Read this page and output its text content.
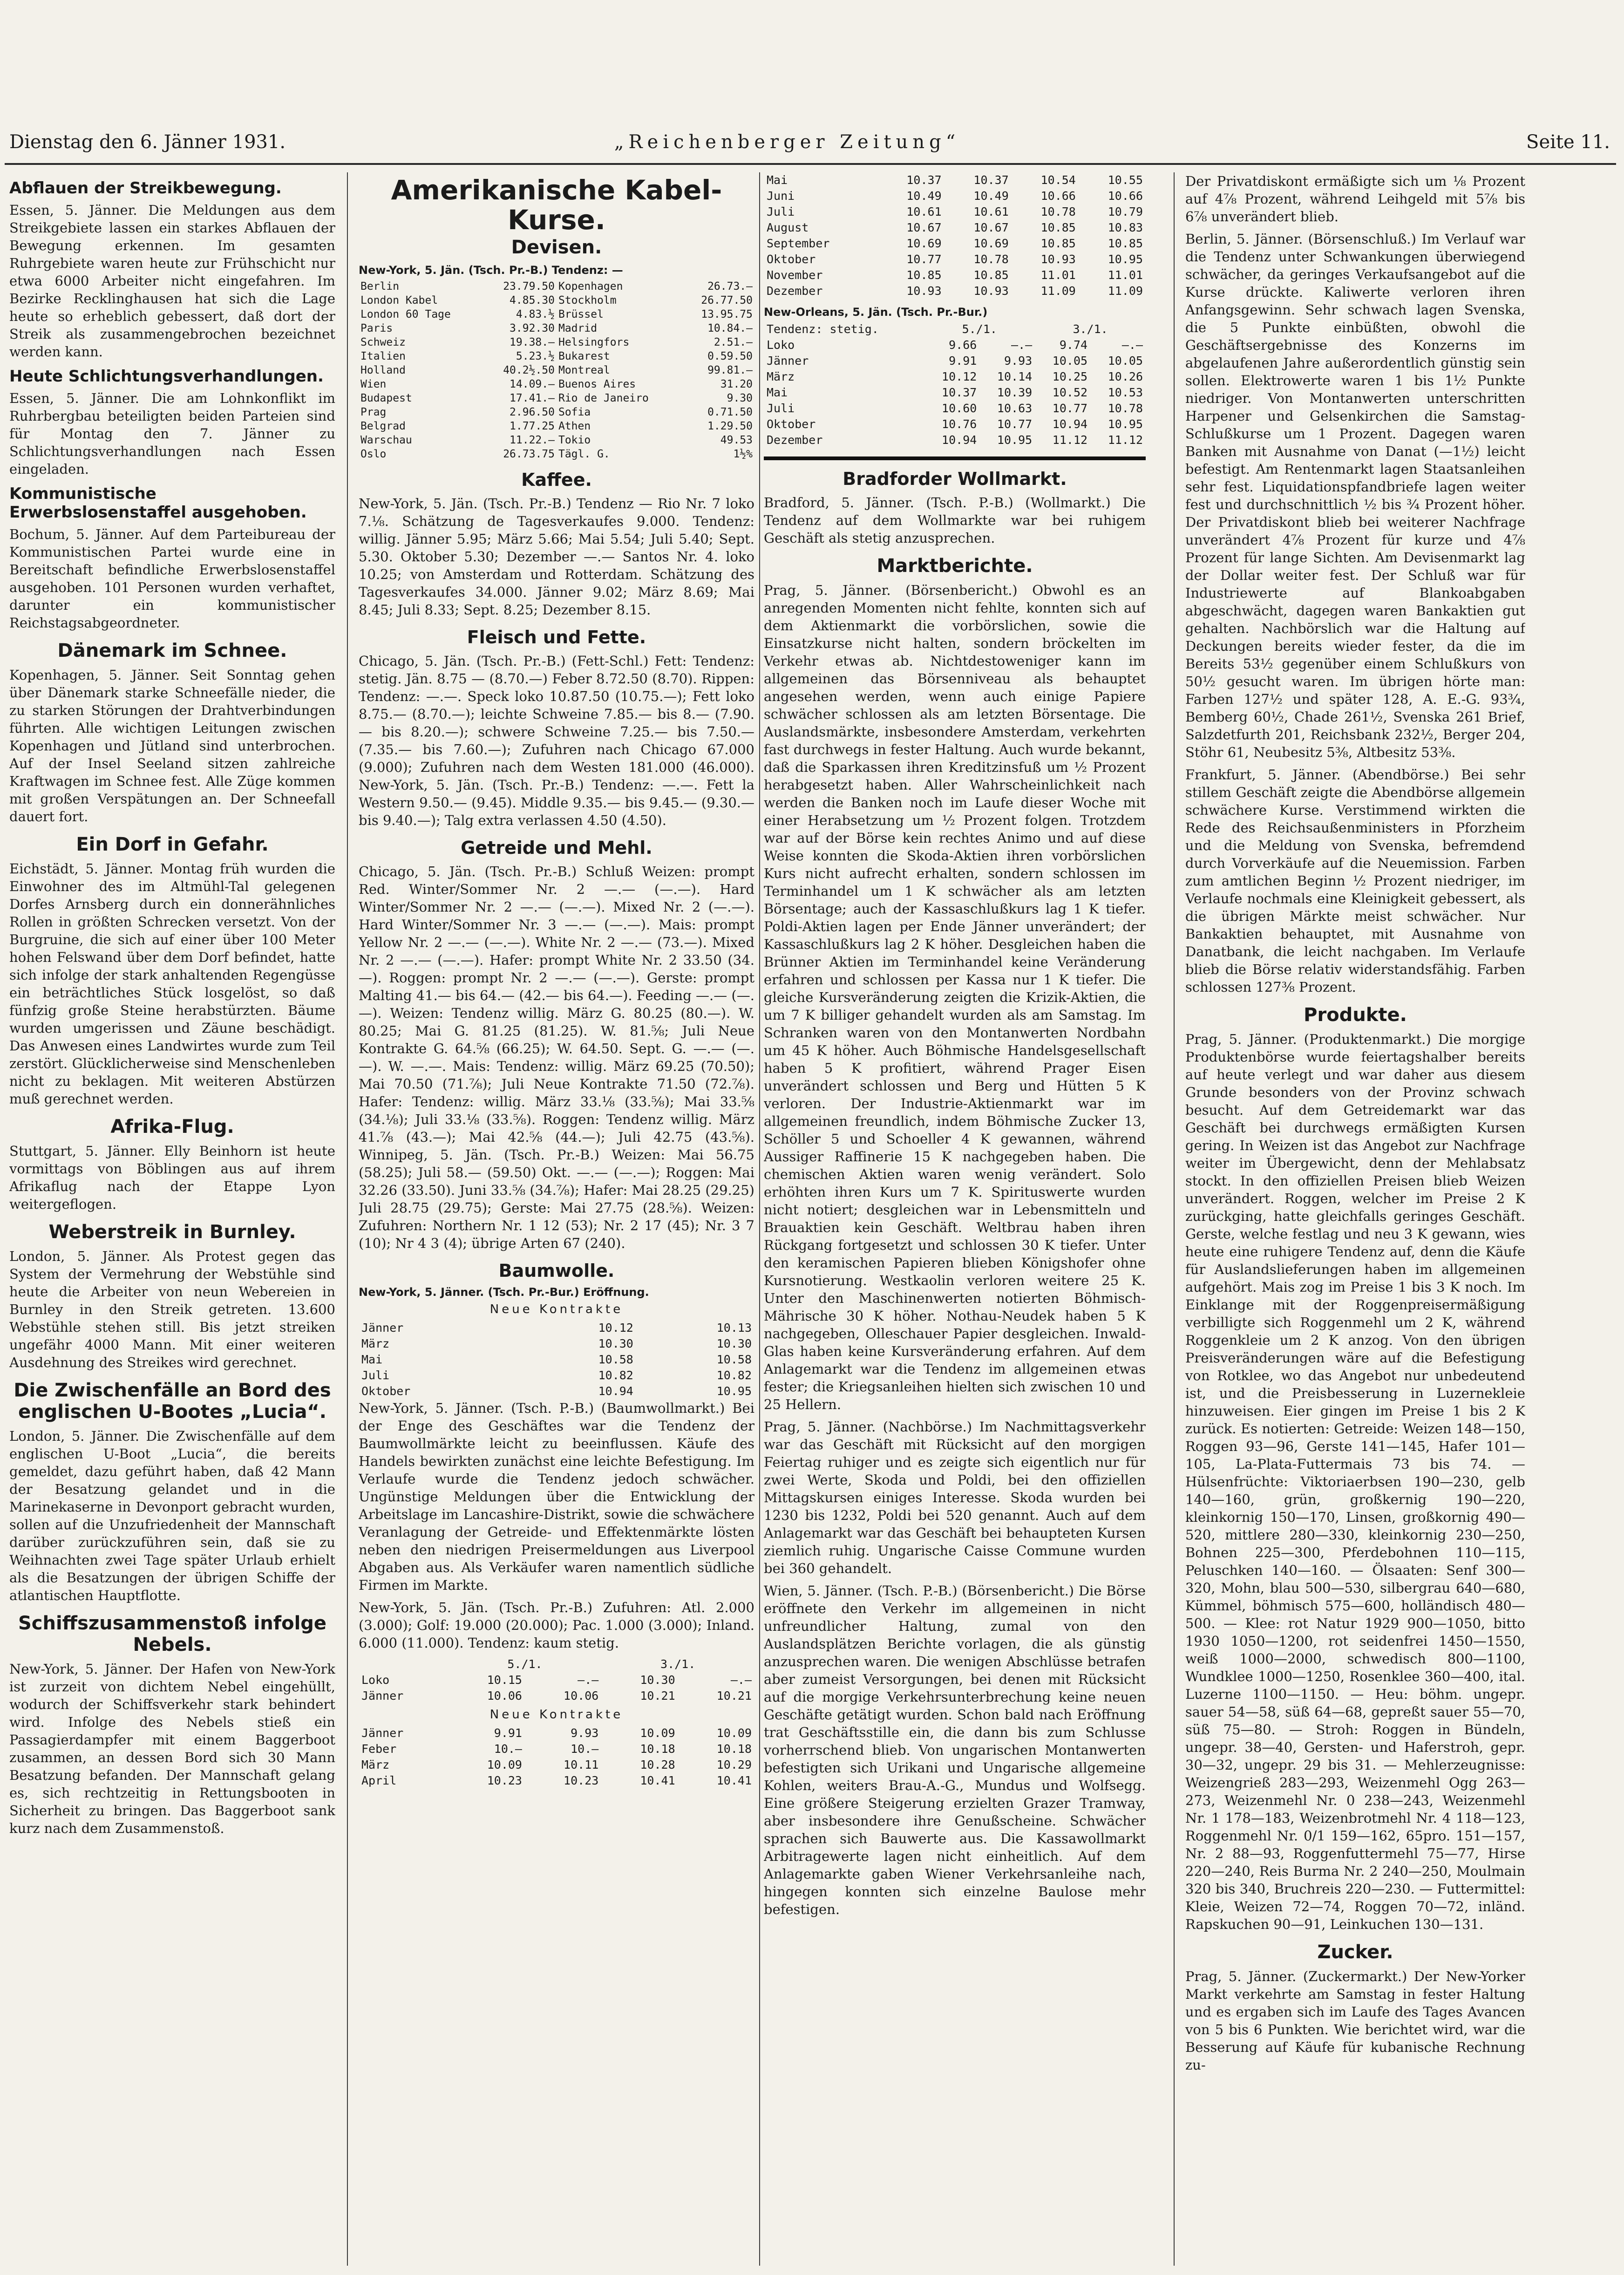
Dienstag den 6. Jänner 1931.	„Reichenberger Zeitung“	Seite 11.
Abflauen der Streikbewegung.

Essen, 5. Jänner. Die Meldungen aus dem Streikgebiete lassen ein starkes Abflauen der Bewegung erkennen. Im gesamten Ruhrgebiete waren heute zur Frühschicht nur etwa 6000 Arbeiter nicht eingefahren. Im Bezirke Recklinghausen hat sich die Lage heute so erheblich gebessert, daß dort der Streik als zusammengebrochen bezeichnet werden kann.

Heute Schlichtungsverhandlungen.

Essen, 5. Jänner. Die am Lohnkonflikt im Ruhrbergbau beteiligten beiden Parteien sind für Montag den 7. Jänner zu Schlichtungsverhandlungen nach Essen eingeladen.

Kommunistische Erwerbslosenstaffel ausgehoben.

Bochum, 5. Jänner. Auf dem Parteibureau der Kommunistischen Partei wurde eine in Bereitschaft befindliche Erwerbslosenstaffel ausgehoben. 101 Personen wurden verhaftet, darunter ein kommunistischer Reichstagsabgeordneter.

Dänemark im Schnee.

Kopenhagen, 5. Jänner. Seit Sonntag gehen über Dänemark starke Schneefälle nieder, die zu starken Störungen der Drahtverbindungen führten. Alle wichtigen Leitungen zwischen Kopenhagen und Jütland sind unterbrochen. Auf der Insel Seeland sitzen zahlreiche Kraftwagen im Schnee fest. Alle Züge kommen mit großen Verspätungen an. Der Schneefall dauert fort.

Ein Dorf in Gefahr.

Eichstädt, 5. Jänner. Montag früh wurden die Einwohner des im Altmühl-Tal gelegenen Dorfes Arnsberg durch ein donnerähnliches Rollen in größten Schrecken versetzt. Von der Burgruine, die sich auf einer über 100 Meter hohen Felswand über dem Dorf befindet, hatte sich infolge der stark anhaltenden Regengüsse ein beträchtliches Stück losgelöst, so daß fünfzig große Steine herabstürzten. Bäume wurden umgerissen und Zäune beschädigt. Das Anwesen eines Landwirtes wurde zum Teil zerstört. Glücklicherweise sind Menschenleben nicht zu beklagen. Mit weiteren Abstürzen muß gerechnet werden.

Afrika-Flug.

Stuttgart, 5. Jänner. Elly Beinhorn ist heute vormittags von Böblingen aus auf ihrem Afrikaflug nach der Etappe Lyon weitergeflogen.

Weberstreik in Burnley.

London, 5. Jänner. Als Protest gegen das System der Vermehrung der Webstühle sind heute die Arbeiter von neun Webereien in Burnley in den Streik getreten. 13.600 Webstühle stehen still. Bis jetzt streiken ungefähr 4000 Mann. Mit einer weiteren Ausdehnung des Streikes wird gerechnet.

Die Zwischenfälle an Bord des englischen U-Bootes „Lucia“.

London, 5. Jänner. Die Zwischenfälle auf dem englischen U-Boot „Lucia“, die bereits gemeldet, dazu geführt haben, daß 42 Mann der Besatzung gelandet und in die Marinekaserne in Devonport gebracht wurden, sollen auf die Unzufriedenheit der Mannschaft darüber zurückzuführen sein, daß sie zu Weihnachten zwei Tage später Urlaub erhielt als die Besatzungen der übrigen Schiffe der atlantischen Hauptflotte.

Schiffszusammenstoß infolge Nebels.

New-York, 5. Jänner. Der Hafen von New-York ist zurzeit von dichtem Nebel eingehüllt, wodurch der Schiffsverkehr stark behindert wird. Infolge des Nebels stieß ein Passagierdampfer mit einem Baggerboot zusammen, an dessen Bord sich 30 Mann Besatzung befanden. Der Mannschaft gelang es, sich rechtzeitig in Rettungsbooten in Sicherheit zu bringen. Das Baggerboot sank kurz nach dem Zusammenstoß.

Amerikanische Kabel-Kurse.
Devisen.
New-York, 5. Jän. (Tsch. Pr.-B.) Tendenz: —
Berlin	23.79.50	Kopenhagen	26.73.—
London Kabel	4.85.30	Stockholm	26.77.50
London 60 Tage	4.83.½	Brüssel	13.95.75
Paris	3.92.30	Madrid	10.84.—
Schweiz	19.38.—	Helsingfors	2.51.—
Italien	5.23.½	Bukarest	0.59.50
Holland	40.2½.50	Montreal	99.81.—
Wien	14.09.—	Buenos Aires	31.20
Budapest	17.41.—	Rio de Janeiro	9.30
Prag	2.96.50	Sofia	0.71.50
Belgrad	1.77.25	Athen	1.29.50
Warschau	11.22.—	Tokio	49.53
Oslo	26.73.75	Tägl. G.	1½%
Kaffee.

New-York, 5. Jän. (Tsch. Pr.-B.) Tendenz — Rio Nr. 7 loko 7.⅛. Schätzung de Tagesverkaufes 9.000. Tendenz: willig. Jänner 5.95; März 5.66; Mai 5.54; Juli 5.40; Sept. 5.30. Oktober 5.30; Dezember —.— Santos Nr. 4. loko 10.25; von Amsterdam und Rotterdam. Schätzung des Tagesverkaufes 34.000. Jänner 9.02; März 8.69; Mai 8.45; Juli 8.33; Sept. 8.25; Dezember 8.15.

Fleisch und Fette.

Chicago, 5. Jän. (Tsch. Pr.-B.) (Fett-Schl.) Fett: Tendenz: stetig. Jän. 8.75 — (8.70.—) Feber 8.72.50 (8.70). Rippen: Tendenz: —.—. Speck loko 10.87.50 (10.75.—); Fett loko 8.75.— (8.70.—); leichte Schweine 7.85.— bis 8.— (7.90.— bis 8.20.—); schwere Schweine 7.25.— bis 7.50.— (7.35.— bis 7.60.—); Zufuhren nach Chicago 67.000 (9.000); Zufuhren nach dem Westen 181.000 (46.000). New-York, 5. Jän. (Tsch. Pr.-B.) Tendenz: —.—. Fett la Western 9.50.— (9.45). Middle 9.35.— bis 9.45.— (9.30.— bis 9.40.—); Talg extra verlassen 4.50 (4.50).

Getreide und Mehl.

Chicago, 5. Jän. (Tsch. Pr.-B.) Schluß Weizen: prompt Red. Winter/Sommer Nr. 2 —.— (—.—). Hard Winter/Sommer Nr. 2 —.— (—.—). Mixed Nr. 2 (—.—). Hard Winter/Sommer Nr. 3 —.— (—.—). Mais: prompt Yellow Nr. 2 —.— (—.—). White Nr. 2 —.— (73.—). Mixed Nr. 2 —.— (—.—). Hafer: prompt White Nr. 2 33.50 (34.—). Roggen: prompt Nr. 2 —.— (—.—). Gerste: prompt Malting 41.— bis 64.— (42.— bis 64.—). Feeding —.— (—.—). Weizen: Tendenz willig. März G. 80.25 (80.—). W. 80.25; Mai G. 81.25 (81.25). W. 81.⅝; Juli Neue Kontrakte G. 64.⅝ (66.25); W. 64.50. Sept. G. —.— (—.—). W. —.—. Mais: Tendenz: willig. März 69.25 (70.50); Mai 70.50 (71.⅞); Juli Neue Kontrakte 71.50 (72.⅞). Hafer: Tendenz: willig. März 33.⅛ (33.⅝); Mai 33.⅝ (34.⅛); Juli 33.⅛ (33.⅝). Roggen: Tendenz willig. März 41.⅞ (43.—); Mai 42.⅝ (44.—); Juli 42.75 (43.⅝). Winnipeg, 5. Jän. (Tsch. Pr.-B.) Weizen: Mai 56.75 (58.25); Juli 58.— (59.50) Okt. —.— (—.—); Roggen: Mai 32.26 (33.50). Juni 33.⅝ (34.⅞); Hafer: Mai 28.25 (29.25) Juli 28.75 (29.75); Gerste: Mai 27.75 (28.⅝). Weizen: Zufuhren: Northern Nr. 1 12 (53); Nr. 2 17 (45); Nr. 3 7 (10); Nr 4 3 (4); übrige Arten 67 (240).

Baumwolle.
New-York, 5. Jänner. (Tsch. Pr.-Bur.) Eröffnung.
Neue Kontrakte
Jänner	10.12	10.13
März	10.30	10.30
Mai	10.58	10.58
Juli	10.82	10.82
Oktober	10.94	10.95

New-York, 5. Jänner. (Tsch. P.-B.) (Baumwollmarkt.) Bei der Enge des Geschäftes war die Tendenz der Baumwollmärkte leicht zu beeinflussen. Käufe des Handels bewirkten zunächst eine leichte Befestigung. Im Verlaufe wurde die Tendenz jedoch schwächer. Ungünstige Meldungen über die Entwicklung der Arbeitslage im Lancashire-Distrikt, sowie die schwächere Veranlagung der Getreide- und Effektenmärkte lösten neben den niedrigen Preisermeldungen aus Liverpool Abgaben aus. Als Verkäufer waren namentlich südliche Firmen im Markte.

New-York, 5. Jän. (Tsch. Pr.-B.) Zufuhren: Atl. 2.000 (3.000); Golf: 19.000 (20.000); Pac. 1.000 (3.000); Inland. 6.000 (11.000). Tendenz: kaum stetig.

	5./1.		3./1.	
Loko	10.15	—.—	10.30	—.—
Jänner	10.06	10.06	10.21	10.21
Neue Kontrakte
Jänner	9.91	9.93	10.09	10.09
Feber	10.—	10.—	10.18	10.18
März	10.09	10.11	10.28	10.29
April	10.23	10.23	10.41	10.41
Mai	10.37	10.37	10.54	10.55
Juni	10.49	10.49	10.66	10.66
Juli	10.61	10.61	10.78	10.79
August	10.67	10.67	10.85	10.83
September	10.69	10.69	10.85	10.85
Oktober	10.77	10.78	10.93	10.95
November	10.85	10.85	11.01	11.01
Dezember	10.93	10.93	11.09	11.09
New-Orleans, 5. Jän. (Tsch. Pr.-Bur.)
Tendenz: stetig.	5./1.		3./1.	
Loko	9.66	—.—	9.74	—.—
Jänner	9.91	9.93	10.05	10.05
März	10.12	10.14	10.25	10.26
Mai	10.37	10.39	10.52	10.53
Juli	10.60	10.63	10.77	10.78
Oktober	10.76	10.77	10.94	10.95
Dezember	10.94	10.95	11.12	11.12
Bradforder Wollmarkt.

Bradford, 5. Jänner. (Tsch. P.-B.) (Wollmarkt.) Die Tendenz auf dem Wollmarkte war bei ruhigem Geschäft als stetig anzusprechen.

Marktberichte.

Prag, 5. Jänner. (Börsenbericht.) Obwohl es an anregenden Momenten nicht fehlte, konnten sich auf dem Aktienmarkt die vorbörslichen, sowie die Einsatzkurse nicht halten, sondern bröckelten im Verkehr etwas ab. Nichtdestoweniger kann im allgemeinen das Börsenniveau als behauptet angesehen werden, wenn auch einige Papiere schwächer schlossen als am letzten Börsentage. Die Auslandsmärkte, insbesondere Amsterdam, verkehrten fast durchwegs in fester Haltung. Auch wurde bekannt, daß die Sparkassen ihren Kreditzinsfuß um ½ Prozent herabgesetzt haben. Aller Wahrscheinlichkeit nach werden die Banken noch im Laufe dieser Woche mit einer Herabsetzung um ½ Prozent folgen. Trotzdem war auf der Börse kein rechtes Animo und auf diese Weise konnten die Skoda-Aktien ihren vorbörslichen Kurs nicht aufrecht erhalten, sondern schlossen im Terminhandel um 1 K schwächer als am letzten Börsentage; auch der Kassaschlußkurs lag 1 K tiefer. Poldi-Aktien lagen per Ende Jänner unverändert; der Kassaschlußkurs lag 2 K höher. Desgleichen haben die Brünner Aktien im Terminhandel keine Veränderung erfahren und schlossen per Kassa nur 1 K tiefer. Die gleiche Kursveränderung zeigten die Krizik-Aktien, die um 7 K billiger gehandelt wurden als am Samstag. Im Schranken waren von den Montanwerten Nordbahn um 45 K höher. Auch Böhmische Handelsgesellschaft haben 5 K profitiert, während Prager Eisen unverändert schlossen und Berg und Hütten 5 K verloren. Der Industrie-Aktienmarkt war im allgemeinen freundlich, indem Böhmische Zucker 13, Schöller 5 und Schoeller 4 K gewannen, während Aussiger Raffinerie 15 K nachgegeben haben. Die chemischen Aktien waren wenig verändert. Solo erhöhten ihren Kurs um 7 K. Spirituswerte wurden nicht notiert; desgleichen war in Lebensmitteln und Brauaktien kein Geschäft. Weltbrau haben ihren Rückgang fortgesetzt und schlossen 30 K tiefer. Unter den keramischen Papieren blieben Königshofer ohne Kursnotierung. Westkaolin verloren weitere 25 K. Unter den Maschinenwerten notierten Böhmisch-Mährische 30 K höher. Nothau-Neudek haben 5 K nachgegeben, Olleschauer Papier desgleichen. Inwald-Glas haben keine Kursveränderung erfahren. Auf dem Anlagemarkt war die Tendenz im allgemeinen etwas fester; die Kriegsanleihen hielten sich zwischen 10 und 25 Hellern.

Prag, 5. Jänner. (Nachbörse.) Im Nachmittagsverkehr war das Geschäft mit Rücksicht auf den morgigen Feiertag ruhiger und es zeigte sich eigentlich nur für zwei Werte, Skoda und Poldi, bei den offiziellen Mittagskursen einiges Interesse. Skoda wurden bei 1230 bis 1232, Poldi bei 520 genannt. Auch auf dem Anlagemarkt war das Geschäft bei behaupteten Kursen ziemlich ruhig. Ungarische Caisse Commune wurden bei 360 gehandelt.

Wien, 5. Jänner. (Tsch. P.-B.) (Börsenbericht.) Die Börse eröffnete den Verkehr im allgemeinen in nicht unfreundlicher Haltung, zumal von den Auslandsplätzen Berichte vorlagen, die als günstig anzusprechen waren. Die wenigen Abschlüsse betrafen aber zumeist Versorgungen, bei denen mit Rücksicht auf die morgige Verkehrsunterbrechung keine neuen Geschäfte getätigt wurden. Schon bald nach Eröffnung trat Geschäftsstille ein, die dann bis zum Schlusse vorherrschend blieb. Von ungarischen Montanwerten befestigten sich Urikani und Ungarische allgemeine Kohlen, weiters Brau-A.-G., Mundus und Wolfsegg. Eine größere Steigerung erzielten Grazer Tramway, aber insbesondere ihre Genußscheine. Schwächer sprachen sich Bauwerte aus. Die Kassawollmarkt Arbitragewerte lagen nicht einheitlich. Auf dem Anlagemarkte gaben Wiener Verkehrsanleihe nach, hingegen konnten sich einzelne Baulose mehr befestigen.

Der Privatdiskont ermäßigte sich um ⅛ Prozent auf 4⅞ Prozent, während Leihgeld mit 5⅞ bis 6⅞ unverändert blieb.

Berlin, 5. Jänner. (Börsenschluß.) Im Verlauf war die Tendenz unter Schwankungen überwiegend schwächer, da geringes Verkaufsangebot auf die Kurse drückte. Kaliwerte verloren ihren Anfangsgewinn. Sehr schwach lagen Svenska, die 5 Punkte einbüßten, obwohl die Geschäftsergebnisse des Konzerns im abgelaufenen Jahre außerordentlich günstig sein sollen. Elektrowerte waren 1 bis 1½ Punkte niedriger. Von Montanwerten unterschritten Harpener und Gelsenkirchen die Samstag-Schlußkurse um 1 Prozent. Dagegen waren Banken mit Ausnahme von Danat (—1½) leicht befestigt. Am Rentenmarkt lagen Staatsanleihen sehr fest. Liquidationspfandbriefe lagen weiter fest und durchschnittlich ½ bis ¾ Prozent höher. Der Privatdiskont blieb bei weiterer Nachfrage unverändert 4⅞ Prozent für kurze und 4⅞ Prozent für lange Sichten. Am Devisenmarkt lag der Dollar weiter fest. Der Schluß war für Industriewerte auf Blankoabgaben abgeschwächt, dagegen waren Bankaktien gut gehalten. Nachbörslich war die Haltung auf Deckungen bereits wieder fester, da die im Bereits 53½ gegenüber einem Schlußkurs von 50½ gesucht waren. Im übrigen hörte man: Farben 127½ und später 128, A. E.-G. 93¾, Bemberg 60½, Chade 261½, Svenska 261 Brief, Salzdetfurth 201, Reichsbank 232½, Berger 204, Stöhr 61, Neubesitz 5⅜, Altbesitz 53⅜.

Frankfurt, 5. Jänner. (Abendbörse.) Bei sehr stillem Geschäft zeigte die Abendbörse allgemein schwächere Kurse. Verstimmend wirkten die Rede des Reichsaußenministers in Pforzheim und die Meldung von Svenska, befremdend durch Vorverkäufe auf die Neuemission. Farben zum amtlichen Beginn ½ Prozent niedriger, im Verlaufe nochmals eine Kleinigkeit gebessert, als die übrigen Märkte meist schwächer. Nur Bankaktien behauptet, mit Ausnahme von Danatbank, die leicht nachgaben. Im Verlaufe blieb die Börse relativ widerstandsfähig. Farben schlossen 127⅜ Prozent.

Produkte.

Prag, 5. Jänner. (Produktenmarkt.) Die morgige Produktenbörse wurde feiertagshalber bereits auf heute verlegt und war daher aus diesem Grunde besonders von der Provinz schwach besucht. Auf dem Getreidemarkt war das Geschäft bei durchwegs ermäßigten Kursen gering. In Weizen ist das Angebot zur Nachfrage weiter im Übergewicht, denn der Mehlabsatz stockt. In den offiziellen Preisen blieb Weizen unverändert. Roggen, welcher im Preise 2 K zurückging, hatte gleichfalls geringes Geschäft. Gerste, welche festlag und neu 3 K gewann, wies heute eine ruhigere Tendenz auf, denn die Käufe für Auslandslieferungen haben im allgemeinen aufgehört. Mais zog im Preise 1 bis 3 K noch. Im Einklange mit der Roggenpreisermäßigung verbilligte sich Roggenmehl um 2 K, während Roggenkleie um 2 K anzog. Von den übrigen Preisveränderungen wäre auf die Befestigung von Rotklee, wo das Angebot nur unbedeutend ist, und die Preisbesserung in Luzernekleie hinzuweisen. Eier gingen im Preise 1 bis 2 K zurück. Es notierten: Getreide: Weizen 148—150, Roggen 93—96, Gerste 141—145, Hafer 101—105, La-Plata-Futtermais 73 bis 74. — Hülsenfrüchte: Viktoriaerbsen 190—230, gelb 140—160, grün, großkernig 190—220, kleinkornig 150—170, Linsen, großkornig 490—520, mittlere 280—330, kleinkornig 230—250, Bohnen 225—300, Pferdebohnen 110—115, Peluschken 140—160. — Ölsaaten: Senf 300—320, Mohn, blau 500—530, silbergrau 640—680, Kümmel, böhmisch 575—600, holländisch 480—500. — Klee: rot Natur 1929 900—1050, bitto 1930 1050—1200, rot seidenfrei 1450—1550, weiß 1000—2000, schwedisch 800—1100, Wundklee 1000—1250, Rosenklee 360—400, ital. Luzerne 1100—1150. — Heu: böhm. ungepr. sauer 54—58, süß 64—68, gepreßt sauer 55—70, süß 75—80. — Stroh: Roggen in Bündeln, ungepr. 38—40, Gersten- und Haferstroh, gepr. 30—32, ungepr. 29 bis 31. — Mehlerzeugnisse: Weizengrieß 283—293, Weizenmehl Ogg 263—273, Weizenmehl Nr. 0 238—243, Weizenmehl Nr. 1 178—183, Weizenbrotmehl Nr. 4 118—123, Roggenmehl Nr. 0/1 159—162, 65pro. 151—157, Nr. 2 88—93, Roggenfuttermehl 75—77, Hirse 220—240, Reis Burma Nr. 2 240—250, Moulmain 320 bis 340, Bruchreis 220—230. — Futtermittel: Kleie, Weizen 72—74, Roggen 70—72, inländ. Rapskuchen 90—91, Leinkuchen 130—131.

Zucker.

Prag, 5. Jänner. (Zuckermarkt.) Der New-Yorker Markt verkehrte am Samstag in fester Haltung und es ergaben sich im Laufe des Tages Avancen von 5 bis 6 Punkten. Wie berichtet wird, war die Besserung auf Käufe für kubanische Rechnung zu-
